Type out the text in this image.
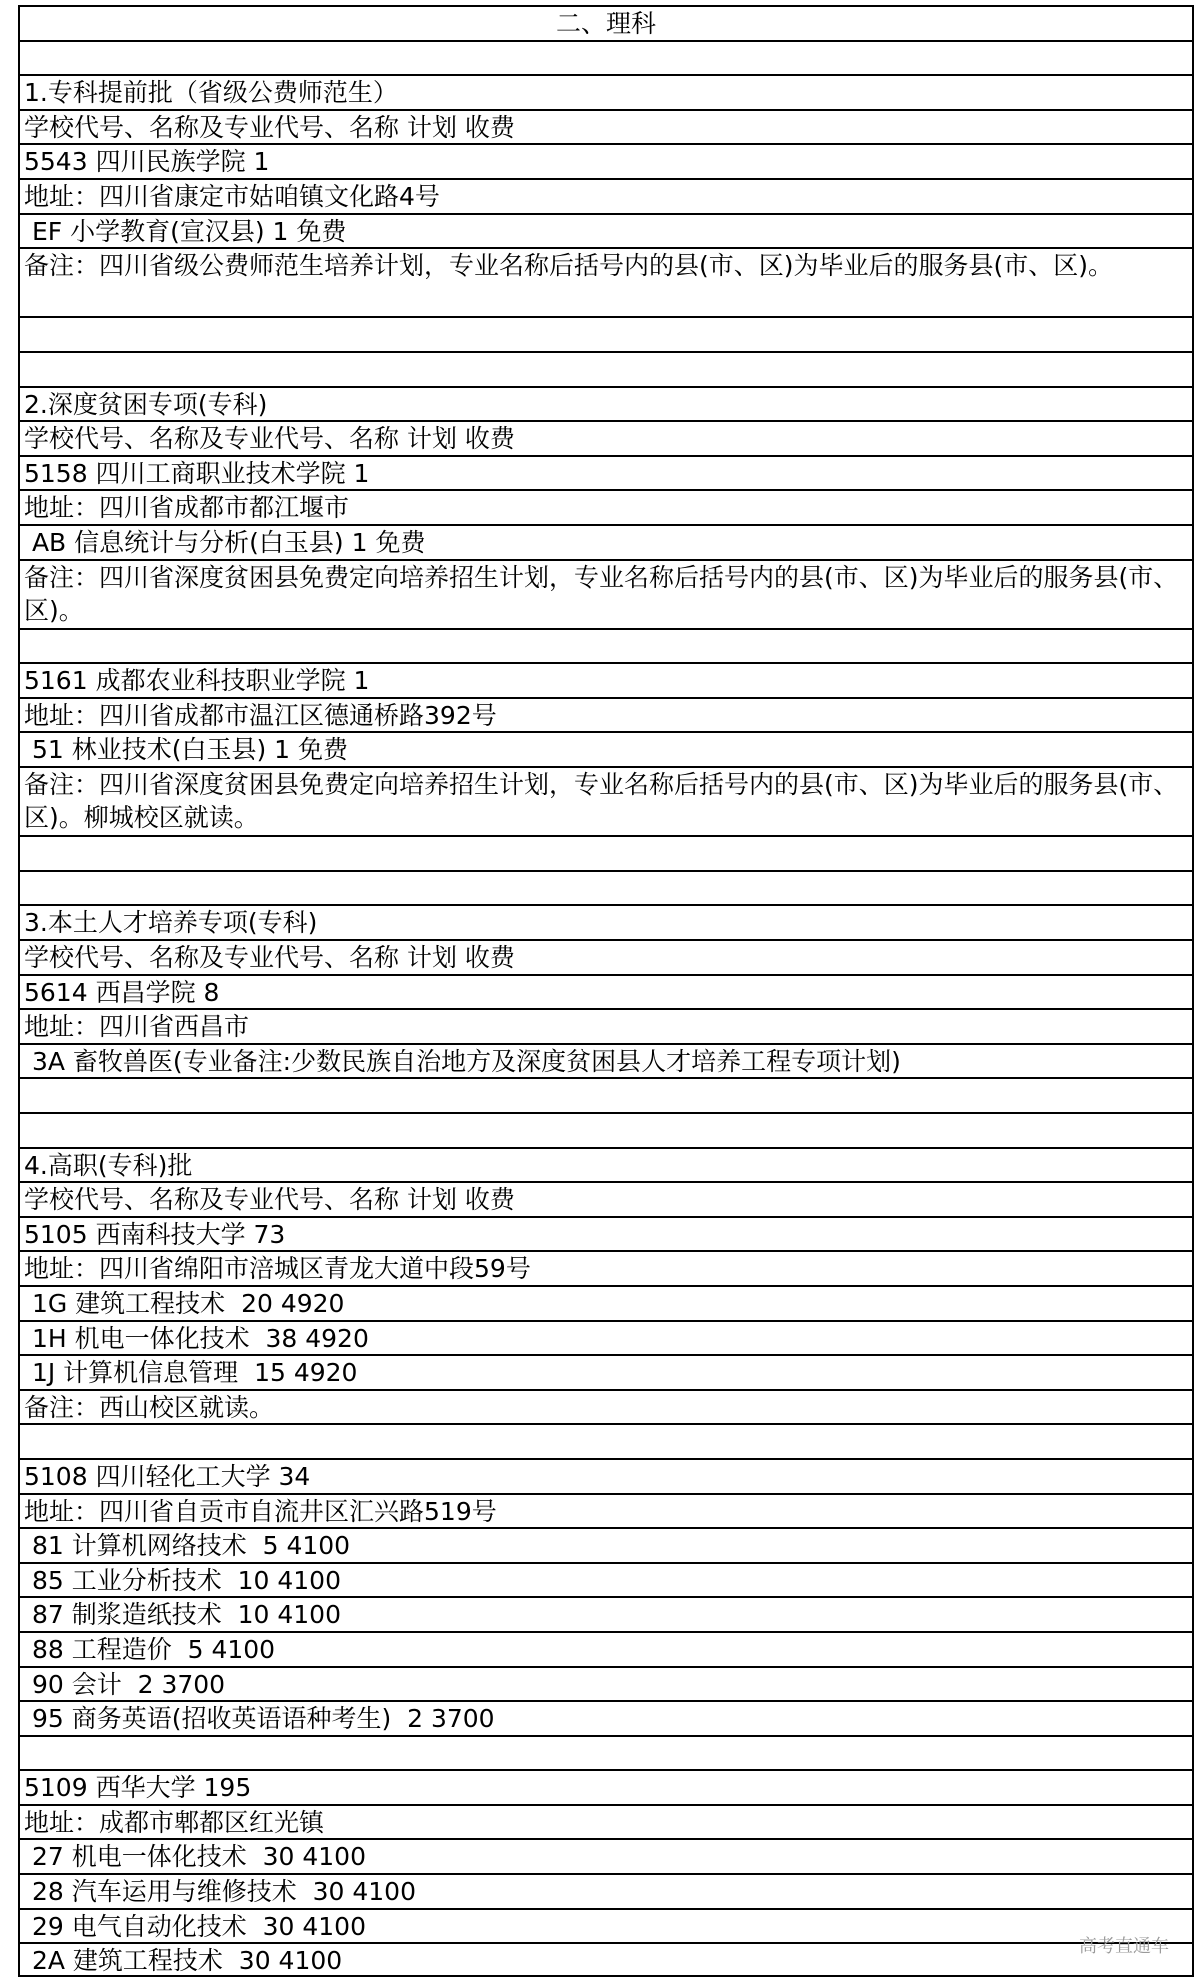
二、理科
1.专科提前批（省级公费师范生）
学校代号、名称及专业代号、名称 计划 收费
5543 四川民族学院 1
地址：四川省康定市姑咱镇文化路4号
EF 小学教育(宣汉县) 1 免费
备注：四川省级公费师范生培养计划，专业名称后括号内的县(市、区)为毕业后的服务县(市、区)。
2.深度贫困专项(专科)
学校代号、名称及专业代号、名称 计划 收费
5158 四川工商职业技术学院 1
地址：四川省成都市都江堰市
AB 信息统计与分析(白玉县) 1 免费
备注：四川省深度贫困县免费定向培养招生计划，专业名称后括号内的县(市、区)为毕业后的服务县(市、区)。
5161 成都农业科技职业学院 1
地址：四川省成都市温江区德通桥路392号
51 林业技术(白玉县) 1 免费
备注：四川省深度贫困县免费定向培养招生计划，专业名称后括号内的县(市、区)为毕业后的服务县(市、区)。柳城校区就读。
3.本土人才培养专项(专科)
学校代号、名称及专业代号、名称 计划 收费
5614 西昌学院 8
地址：四川省西昌市
3A 畜牧兽医(专业备注:少数民族自治地方及深度贫困县人才培养工程专项计划)
4.高职(专科)批
学校代号、名称及专业代号、名称 计划 收费
5105 西南科技大学 73
地址：四川省绵阳市涪城区青龙大道中段59号
1G 建筑工程技术  20 4920
1H 机电一体化技术  38 4920
1J 计算机信息管理  15 4920
备注：西山校区就读。
5108 四川轻化工大学 34
地址：四川省自贡市自流井区汇兴路519号
81 计算机网络技术  5 4100
85 工业分析技术  10 4100
87 制浆造纸技术  10 4100
88 工程造价  5 4100
90 会计  2 3700
95 商务英语(招收英语语种考生)  2 3700
5109 西华大学 195
地址：成都市郫都区红光镇
27 机电一体化技术  30 4100
28 汽车运用与维修技术  30 4100
29 电气自动化技术  30 4100
2A 建筑工程技术  30 4100	高考直通车
